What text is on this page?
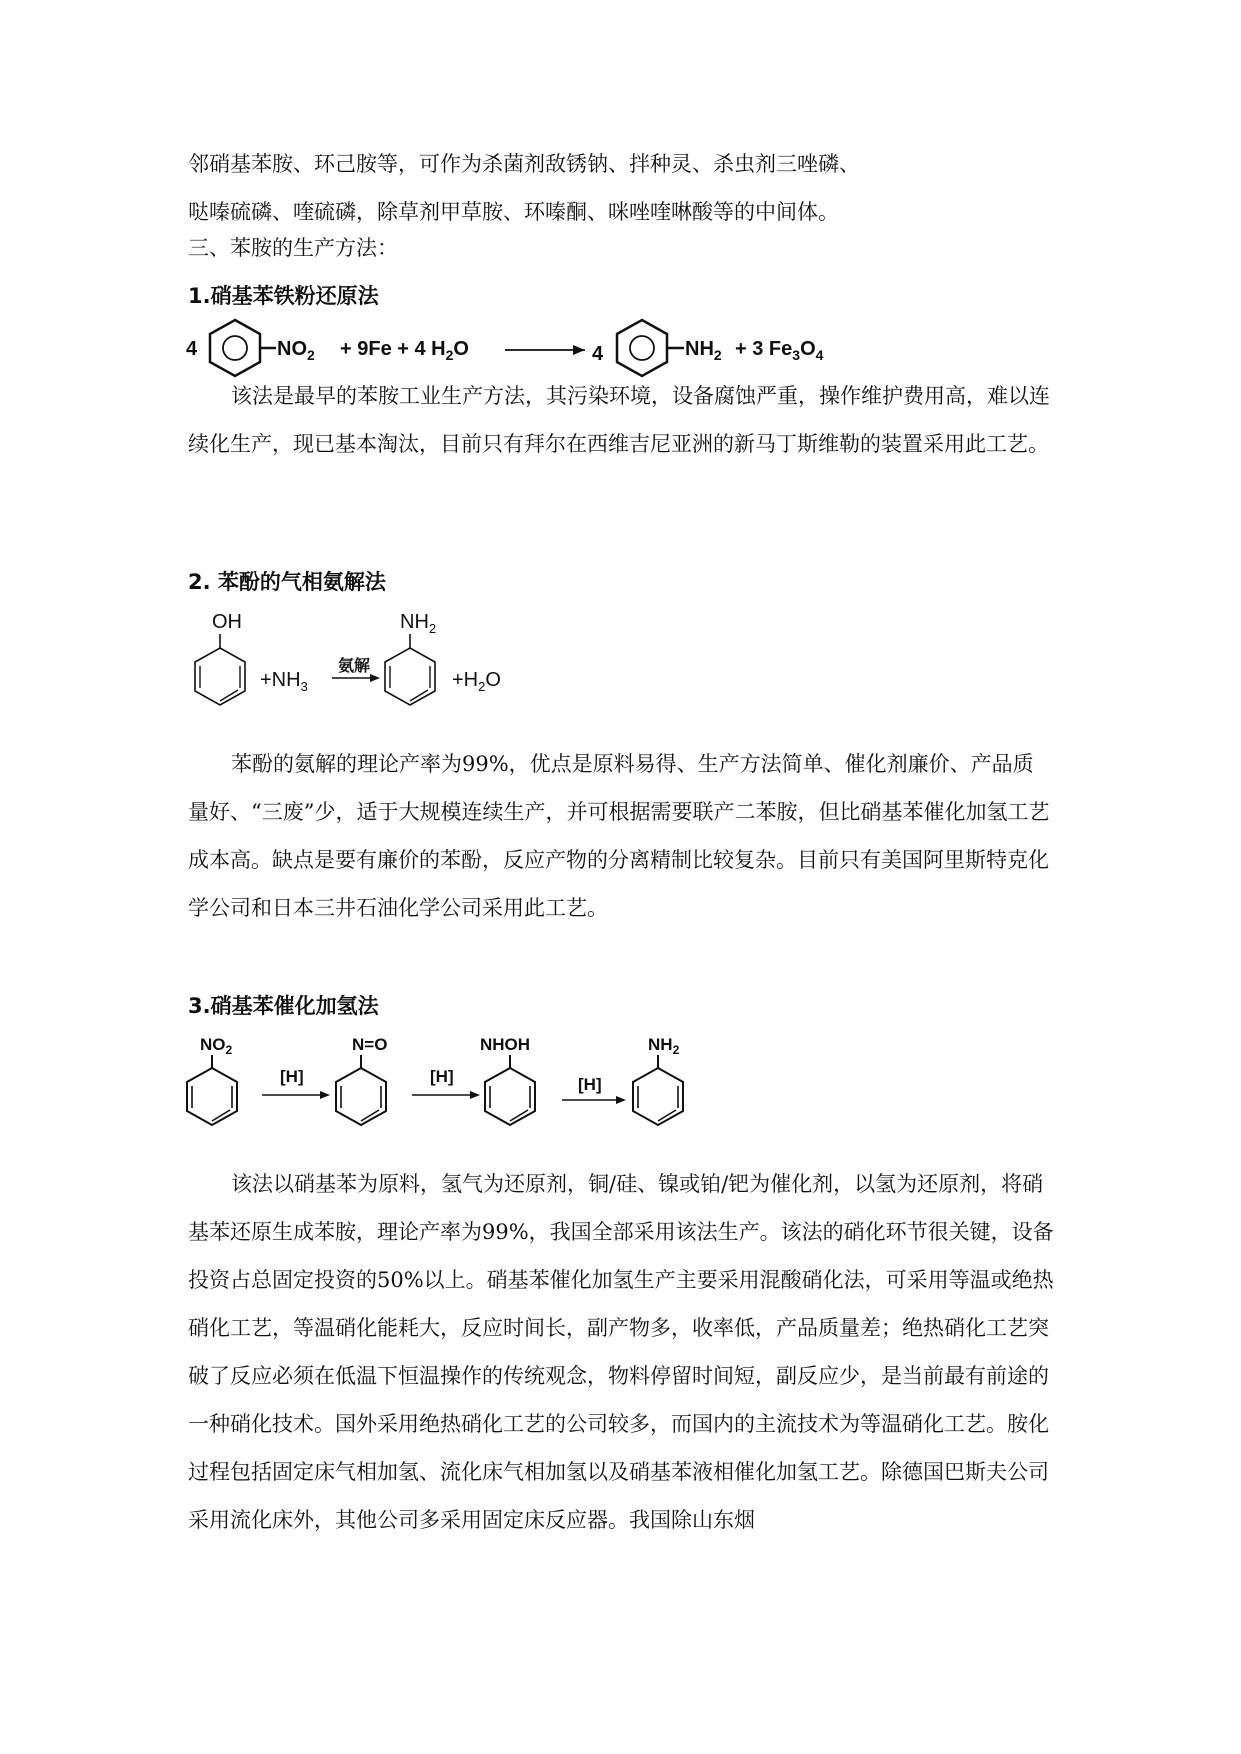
邻硝基苯胺、环己胺等，可作为杀菌剂敌锈钠、拌种灵、杀虫剂三唑磷、

哒嗪硫磷、喹硫磷，除草剂甲草胺、环嗪酮、咪唑喹啉酸等的中间体。

三、苯胺的生产方法：

1.硝基苯铁粉还原法

4	$NO_2 + 9Fe + 4$ $H_2O$	4	$NH_2 + 3$ $Fe_3O_4$

该法是最早的苯胺工业生产方法，其污染环境，设备腐蚀严重，操作维护费用高，难以连续化生产，现已基本淘汰，目前只有拜尔在西维吉尼亚洲的新马丁斯维勒的装置采用此工艺。

2. 苯酚的气相氨解法

OH
$+NH_3$
氨解
$NH_2$
$+H_2O$

苯酚的氨解的理论产率为99%，优点是原料易得、生产方法简单、催化剂廉价、产品质量好、“三废”少，适于大规模连续生产，并可根据需要联产二苯胺，但比硝基苯催化加氢工艺成本高。缺点是要有廉价的苯酚，反应产物的分离精制比较复杂。目前只有美国阿里斯特克化学公司和日本三井石油化学公司采用此工艺。

3.硝基苯催化加氢法

$NO_2$
[H]
N=O
[H]
NHOH
[H]
$NH_2$

该法以硝基苯为原料，氢气为还原剂，铜/硅、镍或铂/钯为催化剂，以氢为还原剂，将硝基苯还原生成苯胺，理论产率为99%，我国全部采用该法生产。该法的硝化环节很关键，设备投资占总固定投资的50%以上。硝基苯催化加氢生产主要采用混酸硝化法，可采用等温或绝热硝化工艺，等温硝化能耗大，反应时间长，副产物多，收率低，产品质量差；绝热硝化工艺突破了反应必须在低温下恒温操作的传统观念，物料停留时间短，副反应少，是当前最有前途的一种硝化技术。国外采用绝热硝化工艺的公司较多，而国内的主流技术为等温硝化工艺。胺化过程包括固定床气相加氢、流化床气相加氢以及硝基苯液相催化加氢工艺。除德国巴斯夫公司采用流化床外，其他公司多采用固定床反应器。我国除山东烟
